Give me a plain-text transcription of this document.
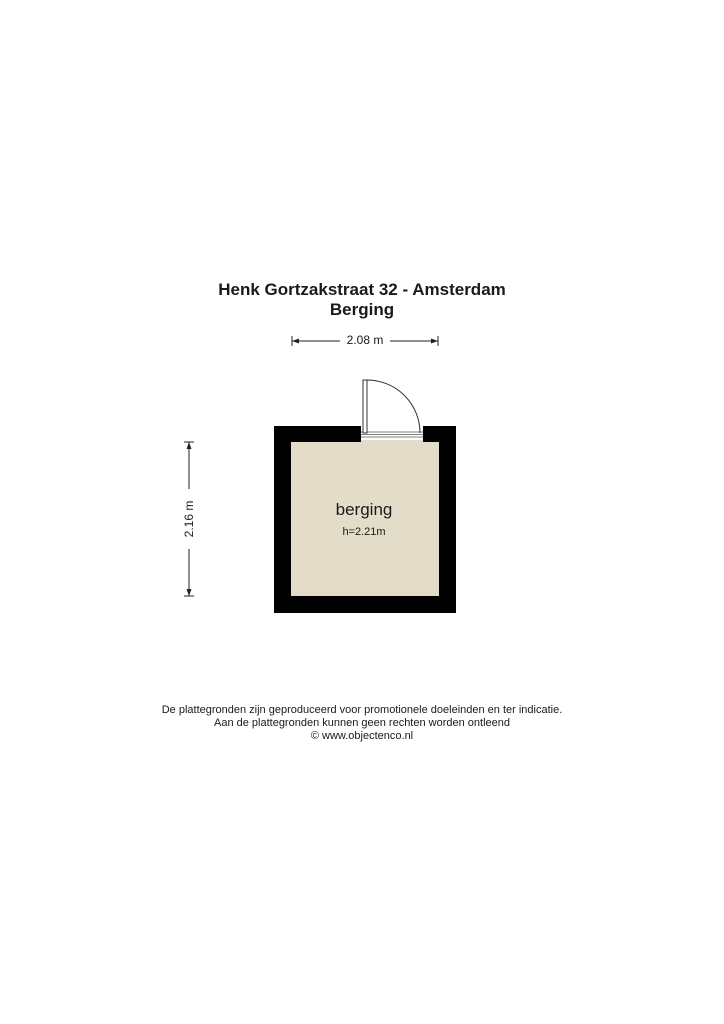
Henk Gortzakstraat 32 - Amsterdam
Berging
2.08 m
2.16 m	berging
h=2.21m
De plattegronden zijn geproduceerd voor promotionele doeleinden en ter indicatie.
Aan de plattegronden kunnen geen rechten worden ontleend
© www.objectenco.nl
